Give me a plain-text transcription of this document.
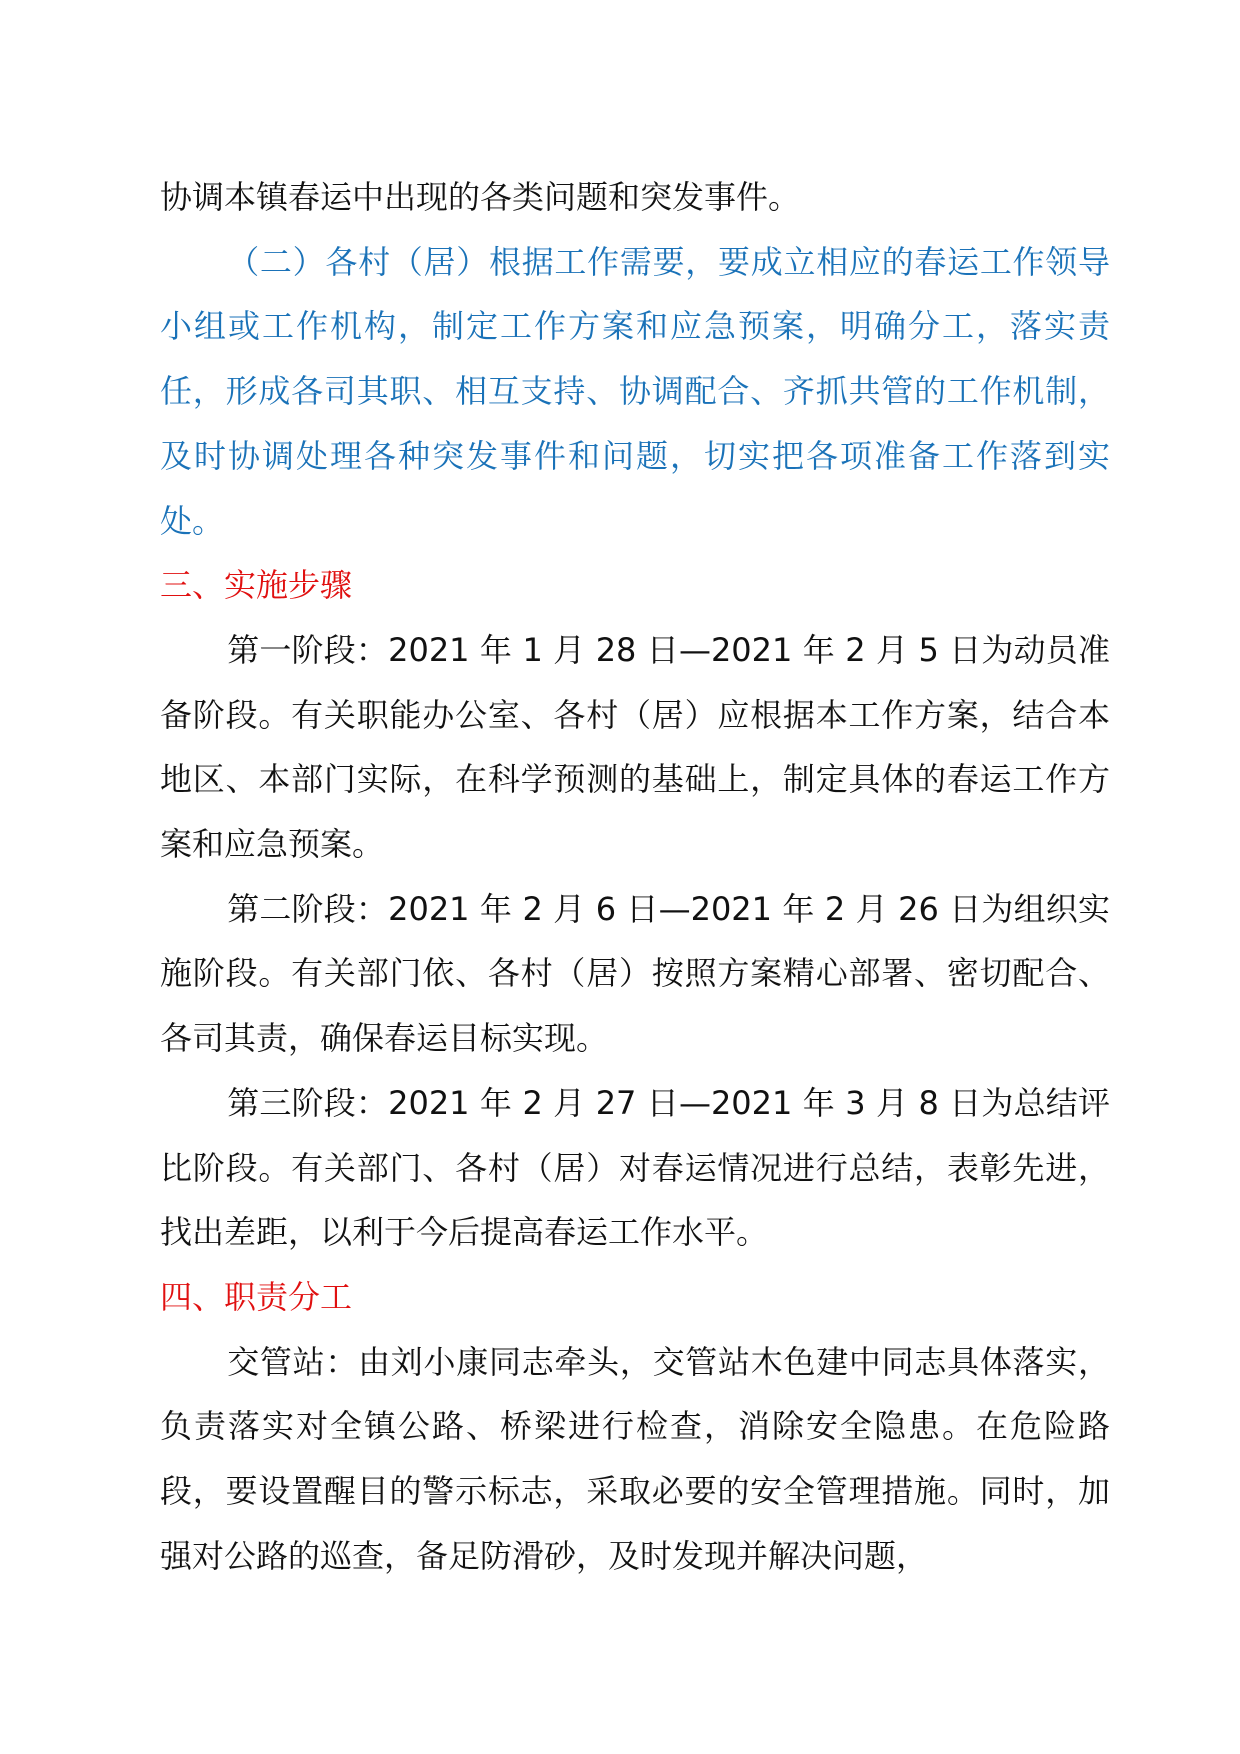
协调本镇春运中出现的各类问题和突发事件。

（二）各村（居）根据工作需要，要成立相应的春运工作领导小组或工作机构，制定工作方案和应急预案，明确分工，落实责任，形成各司其职、相互支持、协调配合、齐抓共管的工作机制，及时协调处理各种突发事件和问题，切实把各项准备工作落到实处。

三、实施步骤

第一阶段：2021 年 1 月 28 日—2021 年 2 月 5 日为动员准备阶段。有关职能办公室、各村（居）应根据本工作方案，结合本地区、本部门实际，在科学预测的基础上，制定具体的春运工作方案和应急预案。

第二阶段：2021 年 2 月 6 日—2021 年 2 月 26 日为组织实施阶段。有关部门依、各村（居）按照方案精心部署、密切配合、各司其责，确保春运目标实现。

第三阶段：2021 年 2 月 27 日—2021 年 3 月 8 日为总结评比阶段。有关部门、各村（居）对春运情况进行总结，表彰先进，找出差距，以利于今后提高春运工作水平。

四、职责分工

交管站：由刘小康同志牵头，交管站木色建中同志具体落实，负责落实对全镇公路、桥梁进行检查，消除安全隐患。在危险路段，要设置醒目的警示标志，采取必要的安全管理措施。同时，加强对公路的巡查，备足防滑砂，及时发现并解决问题，
